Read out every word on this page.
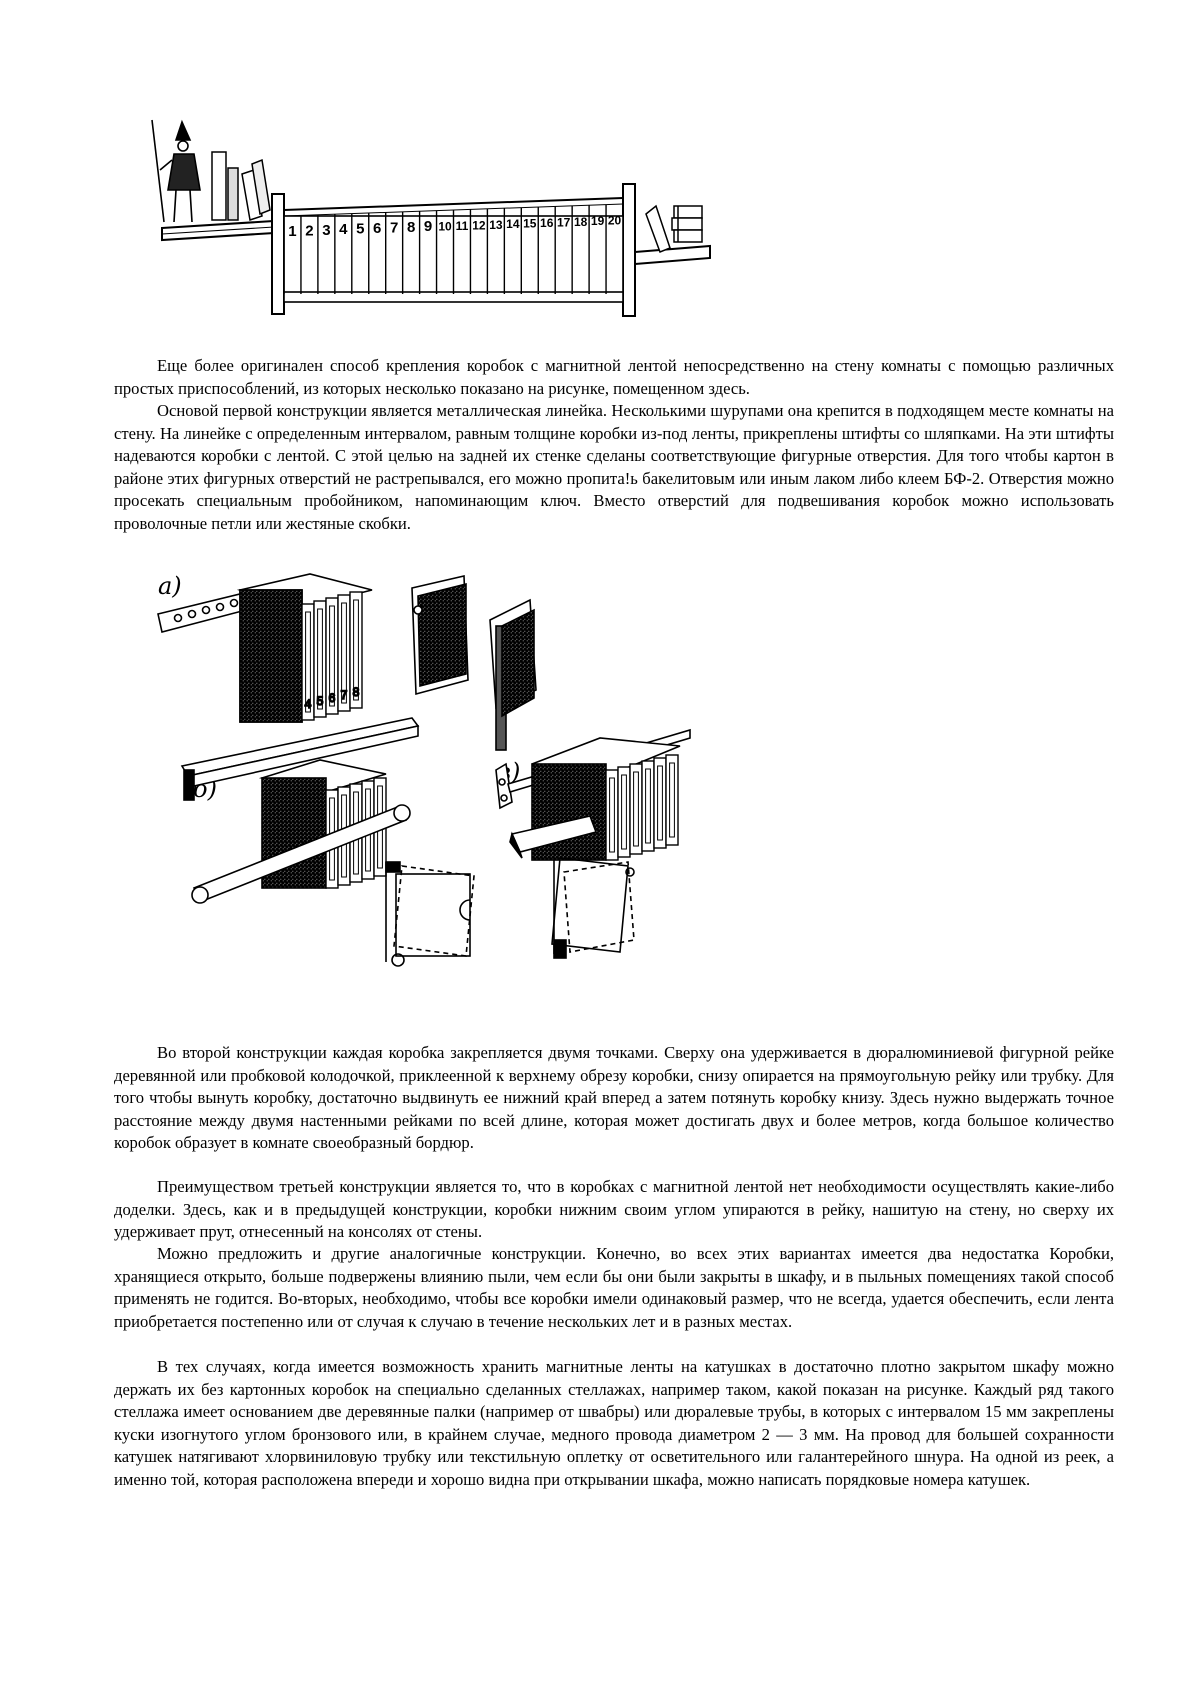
1 2 3 4 5 6 7 8 9 10 11 12 13 14 15 16 17 18 19 20

Еще более оригинален способ крепления коробок с магнитной лентой непосредственно на стену комнаты с помощью различных простых приспособлений, из которых несколько показано на рисунке, помещенном здесь.

Основой первой конструкции является металлическая линейка. Несколькими шурупами она крепится в подходящем месте комнаты на стену. На линейке с определенным интервалом, равным толщине коробки из-под ленты, прикреплены штифты со шляпками. На эти штифты надеваются коробки с лентой. С этой целью на задней их стенке сделаны соответствующие фигурные отверстия. Для того чтобы картон в районе этих фигурных отверстий не растрепывался, его можно пропита!ь бакелитовым или иным лаком либо клеем БФ-2. Отверстия можно просекать специальным пробойником, напоминающим ключ. Вместо отверстий для подвешивания коробок можно использовать проволочные петли или жестяные скобки.

а)
б)
в)
4 5 6 7 8

Во второй конструкции каждая коробка закрепляется двумя точками. Сверху она удерживается в дюралюминиевой фигурной рейке деревянной или пробковой колодочкой, приклеенной к верхнему обрезу коробки, снизу опирается на прямоугольную рейку или трубку. Для того чтобы вынуть коробку, достаточно выдвинуть ее нижний край вперед а затем потянуть коробку книзу. Здесь нужно выдержать точное расстояние между двумя настенными рейками по всей длине, которая может достигать двух и более метров, когда большое количество коробок образует в комнате своеобразный бордюр.

Преимуществом третьей конструкции является то, что в коробках с магнитной лентой нет необходимости осуществлять какие-либо доделки. Здесь, как и в предыдущей конструкции, коробки нижним своим углом упираются в рейку, нашитую на стену, но сверху их удерживает прут, отнесенный на консолях от стены.

Можно предложить и другие аналогичные конструкции. Конечно, во всех этих вариантах имеется два недостатка Коробки, хранящиеся открыто, больше подвержены влиянию пыли, чем если бы они были закрыты в шкафу, и в пыльных помещениях такой способ применять не годится. Во-вторых, необходимо, чтобы все коробки имели одинаковый размер, что не всегда, удается обеспечить, если лента приобретается постепенно или от случая к случаю в течение нескольких лет и в разных местах.

В тех случаях, когда имеется возможность хранить магнитные ленты на катушках в достаточно плотно закрытом шкафу можно держать их без картонных коробок на специально сделанных стеллажах, например таком, какой показан на рисунке. Каждый ряд такого стеллажа имеет основанием две деревянные палки (например от швабры) или дюралевые трубы, в которых с интервалом 15 мм закреплены куски изогнутого углом бронзового или, в крайнем случае, медного провода диаметром 2 — 3 мм. На провод для большей сохранности катушек натягивают хлорвиниловую трубку или текстильную оплетку от осветительного или галантерейного шнура. На одной из реек, а именно той, которая расположена впереди и хорошо видна при открывании шкафа, можно написать порядковые номера катушек.
